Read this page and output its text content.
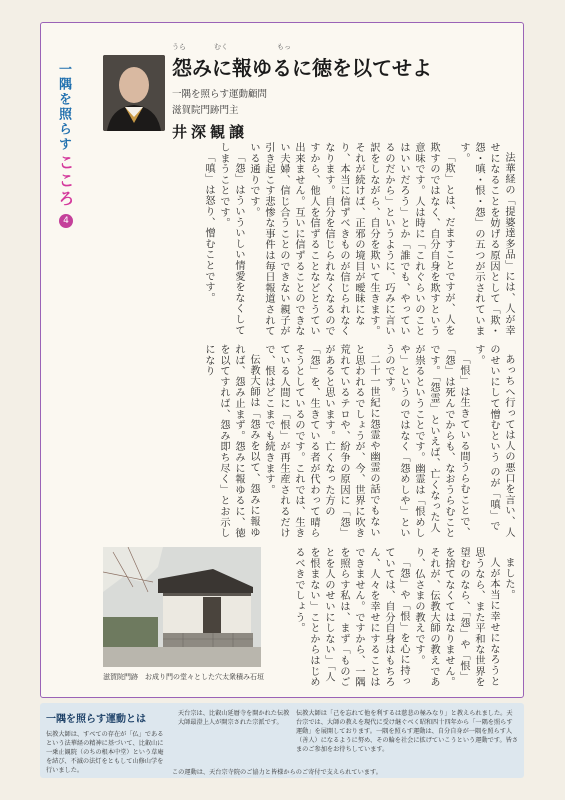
一隅を照らす
こころ
4
うら　　　　むく　　　　　　　もっ
怨みに報ゆるに徳を以てせよ
一隅を照らす運動顧問
滋賀院門跡門主
井深観譲

法華経の「提婆達多品」には、人が幸せになることを妨げる原因として「欺・怨・嗔・恨・怨」の五つが示されています。

「欺」とは、だますことですが、人を欺すのではなく、自分自身を欺すという意味です。人は時に「これぐらいのことはいいだろう」とか「誰でも、やっているのだから」というように、巧みに言い訳をしながら、自分を欺いて生きます。それが続けば、正邪の境目が曖昧になり、本当に信ずべきものが信じられなくなります。自分を信じられなくなるのですから、他人を信ずることなどとうてい出来ません。互いに信ずることのできない夫婦、信じ合うことのできない親子が引き起こす悲惨な事件は毎日報道されている通りです。

「怨」はういういしい情愛をなくしてしまうことです。

「嗔」は怒り、憎むことです。

あっちへ行っては人の悪口を言い、人のせいにして憎むという のが「嗔」です。

「恨」は生きている間うらむことで、「怨」は死んでからも、なおうらむことです。「怨霊」といえば、亡くなった人が祟るということです。幽霊は「恨めしや」というのではなく「怨めしや」というのです。

二十一世紀に怨霊や幽霊の話でもないと思われるでしょうが、今、世界に吹き荒れているテロや、紛争の原因に「怨」があると思います。亡くなった方の「怨」を、生きている者が代わって晴らそうとしているのです。これでは、生きている人間に「恨」が再生産されるだけで、恨はどこまでも続きます。

伝教大師は「怨みを以て、怨みに報ゆれば、怨み止まず。怨みに報ゆるに、徳を以てすれば、怨み即ち尽く」とお示しになり

ました。

人が本当に幸せになろうと思うなら、また平和な世界を望むのなら、「怨」や「恨」を捨てなくてはなりません。それが、伝教大師の教えであり、仏さまの教えです。

「怨」や「恨」を心に持っていては、自分自身はもちろん、人々を幸せにすることはできません。ですから、一隅を照らす私は、まず「ものごとを人のせいにしない」「人を恨まない」ことからはじめるべきでしょう。

滋賀院門跡　お成り門の堂々とした穴太衆積み石垣
一隅を照らす運動とは
伝教大師は、すべての存在が「仏」であるという法華経の精神に基づいて、比叡山に一乗止観院（のちの根本中堂）という草庵を結び、不滅の法灯をともして山修山学を行いました。
天台宗は、比叡山延暦寺を開かれた伝教大師最澄上人が開宗された宗派です。
伝教大師は「己を忘れて他を利するは慈悲の極みなり」と教えられました。天台宗では、大師の教えを現代に受け継ぐべく昭和四十四年から「一隅を照らす運動」を展開しております。一隅を照らす運動は、自分自身が一隅を照らす人（善人）になるように努め、その輪を社会に拡げていこうという運動です。皆さまのご参加をお待ちしています。
この運動は、天台宗寺院のご協力と皆様からのご寄付で支えられています。
